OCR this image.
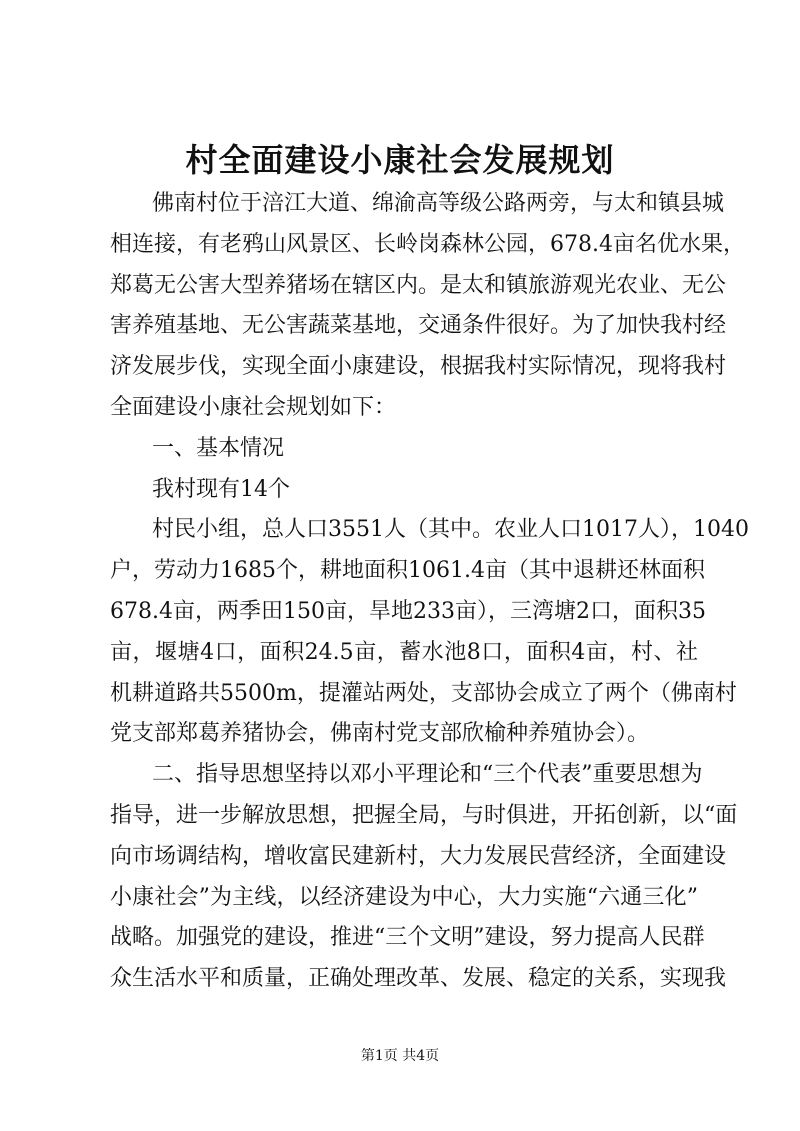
村全面建设小康社会发展规划
佛南村位于涪江大道、绵渝高等级公路两旁，与太和镇县城
相连接，有老鸦山风景区、长岭岗森林公园，678.4亩名优水果，
郑葛无公害大型养猪场在辖区内。是太和镇旅游观光农业、无公
害养殖基地、无公害蔬菜基地，交通条件很好。为了加快我村经
济发展步伐，实现全面小康建设，根据我村实际情况，现将我村
全面建设小康社会规划如下：
一、基本情况
我村现有14个
村民小组，总人口3551人（其中。农业人口1017人），1040
户，劳动力1685个，耕地面积1061.4亩（其中退耕还林面积
678.4亩，两季田150亩，旱地233亩），三湾塘2口，面积35
亩，堰塘4口，面积24.5亩，蓄水池8口，面积4亩，村、社
机耕道路共5500m，提灌站两处，支部协会成立了两个（佛南村
党支部郑葛养猪协会，佛南村党支部欣榆种养殖协会）。
二、指导思想坚持以邓小平理论和“三个代表”重要思想为
指导，进一步解放思想，把握全局，与时俱进，开拓创新，以“面
向市场调结构，增收富民建新村，大力发展民营经济，全面建设
小康社会”为主线，以经济建设为中心，大力实施“六通三化”
战略。加强党的建设，推进“三个文明”建设，努力提高人民群
众生活水平和质量，正确处理改革、发展、稳定的关系，实现我
第1页 共4页
